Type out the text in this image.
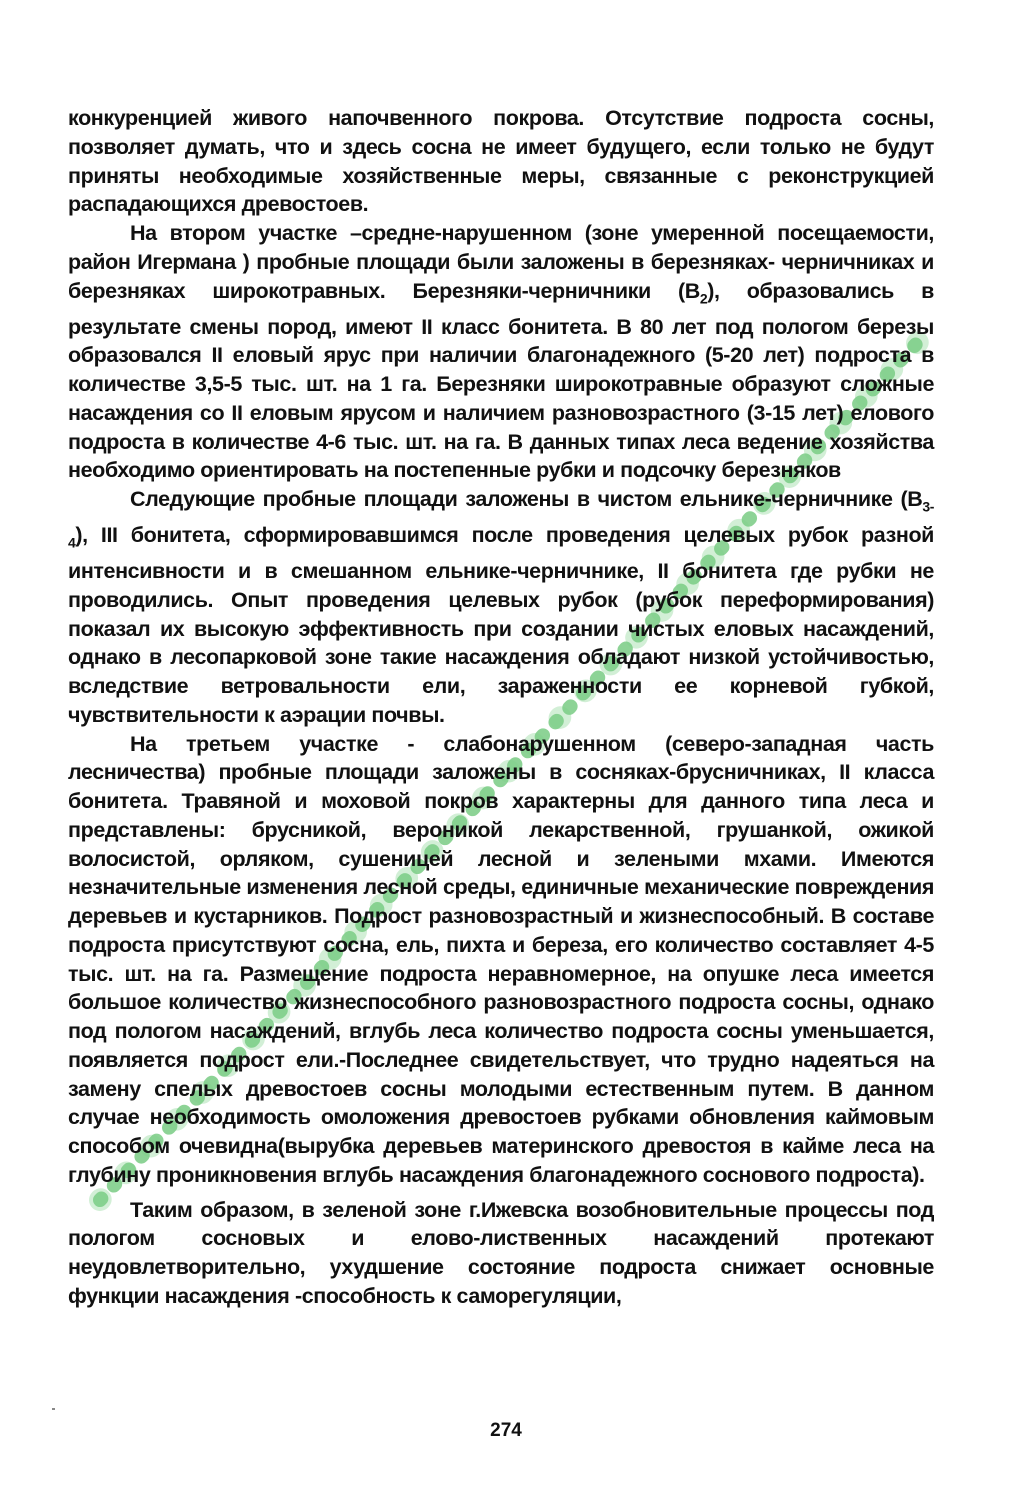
конкуренцией живого напочвенного покрова. Отсутствие подроста сосны, позволяет думать, что и здесь сосна не имеет будущего, если только не будут приняты необходимые хозяйственные меры, связанные с реконструкцией распадающихся древостоев.

На втором участке –средне-нарушенном (зоне умеренной посещаемости, район Игермана ) пробные площади были заложены в березняках- черничниках и березняках широкотравных. Березняки-черничники $(В_2)$, образовались в результате смены пород, имеют II класс бонитета. В 80 лет под пологом березы образовался II еловый ярус при наличии благонадежного (5-20 лет) подроста в количестве 3,5-5 тыс. шт. на 1 га. Березняки широкотравные образуют сложные насаждения со II еловым ярусом и наличием разновозрастного (3-15 лет) елового подроста в количестве 4-6 тыс. шт. на га. В данных типах леса ведение хозяйства необходимо ориентировать на постепенные рубки и подсочку березняков

Следующие пробные площади заложены в чистом ельнике-черничнике $(В_{3-4})$, III бонитета, сформировавшимся после проведения целевых рубок разной интенсивности и в смешанном ельнике-черничнике, II бонитета где рубки не проводились. Опыт проведения целевых рубок (рубок переформирования) показал их высокую эффективность при создании чистых еловых насаждений, однако в лесопарковой зоне такие насаждения обладают низкой устойчивостью, вследствие ветровальности ели, зараженности ее корневой губкой, чувствительности к аэрации почвы.

На третьем участке - слабонарушенном (северо-западная часть лесничества) пробные площади заложены в сосняках-брусничниках, II класса бонитета. Травяной и моховой покров характерны для данного типа леса и представлены: брусникой, вероникой лекарственной, грушанкой, ожикой волосистой, орляком, сушеницей лесной и зелеными мхами. Имеются незначительные изменения лесной среды, единичные механические повреждения деревьев и кустарников. Подрост разновозрастный и жизнеспособный. В составе подроста присутствуют сосна, ель, пихта и береза, его количество составляет 4-5 тыс. шт. на га. Размещение подроста неравномерное, на опушке леса имеется большое количество жизнеспособного разновозрастного подроста сосны, однако под пологом насаждений, вглубь леса количество подроста сосны уменьшается, появляется подрост ели.-Последнее свидетельствует, что трудно надеяться на замену спелых древостоев сосны молодыми естественным путем. В данном случае необходимость омоложения древостоев рубками обновления каймовым способом очевидна(вырубка деревьев материнского древостоя в кайме леса на глубину проникновения вглубь насаждения благонадежного соснового подроста).

Таким образом, в зеленой зоне г.Ижевска возобновительные процессы под пологом сосновых и елово-лиственных насаждений протекают неудовлетворительно, ухудшение состояние подроста снижает основные функции насаждения -способность к саморегуляции,

274
